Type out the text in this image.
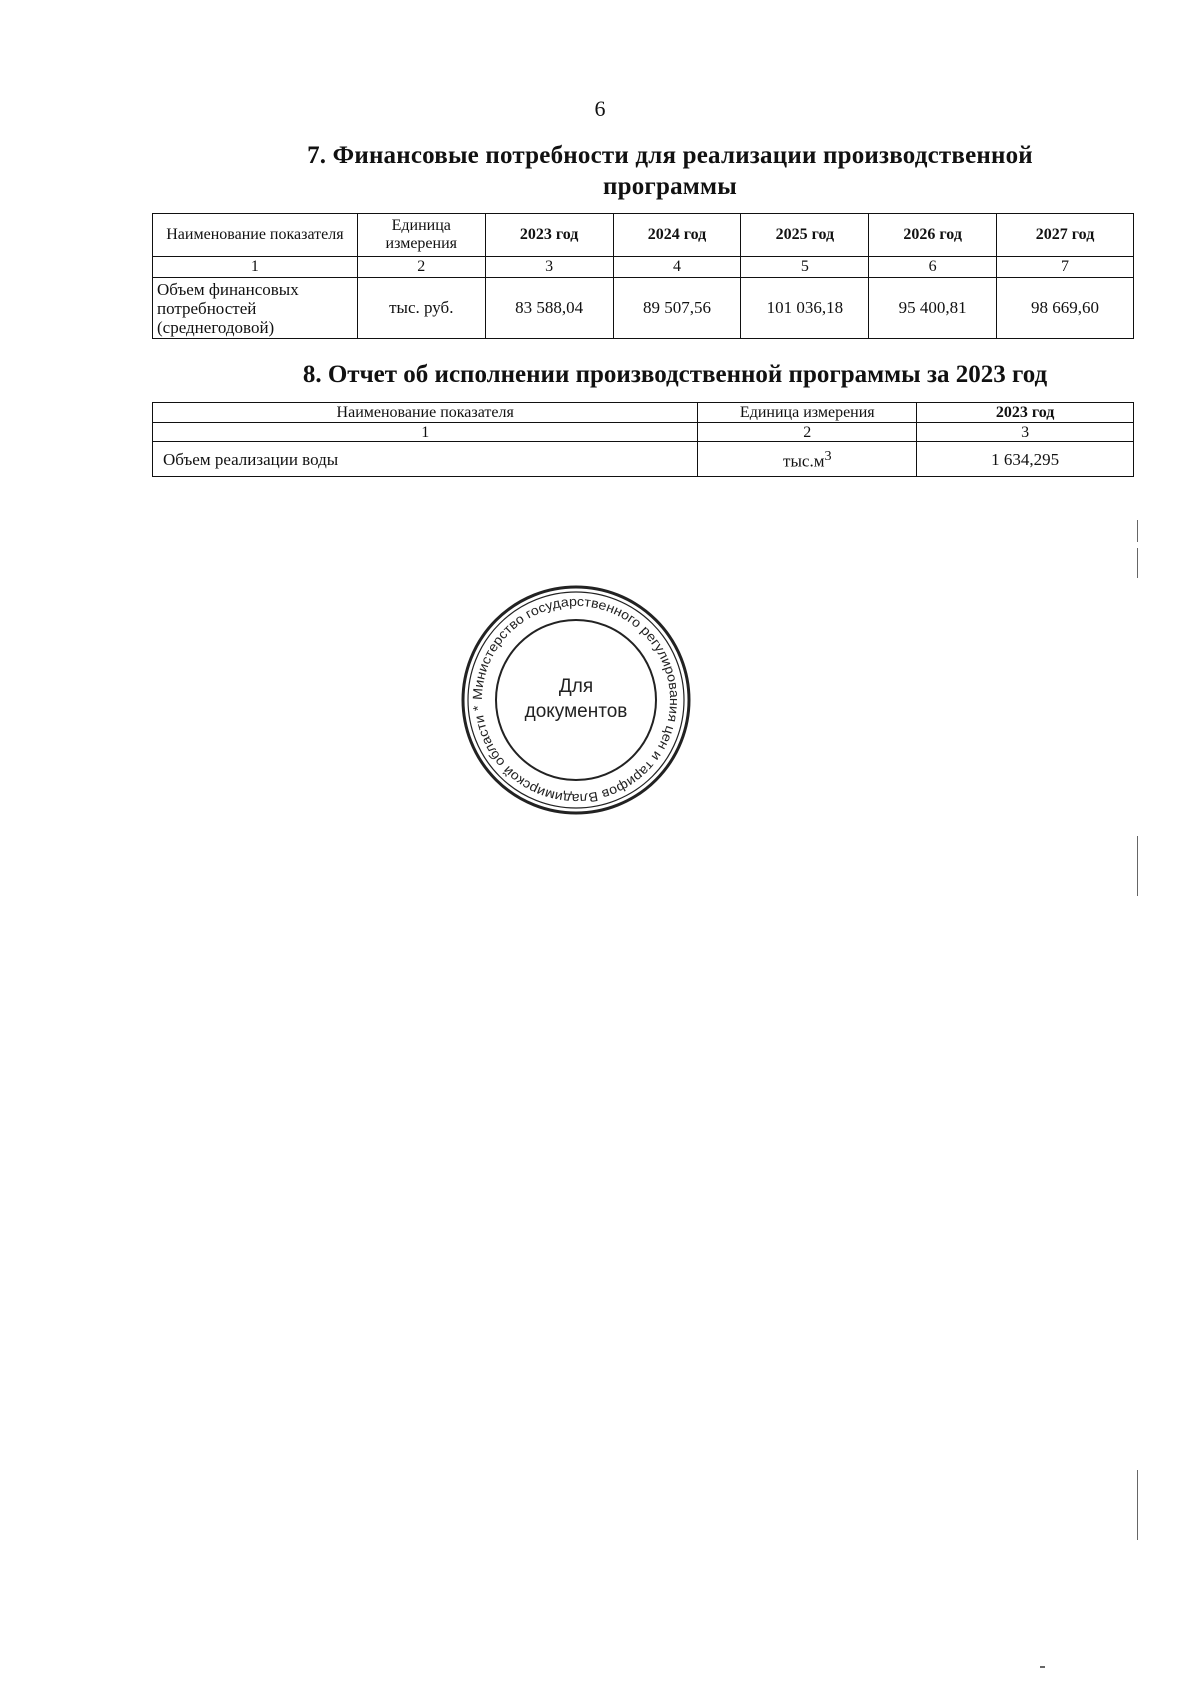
6
7. Финансовые потребности для реализации производственной программы
Наименование показателя	Единица измерения	2023 год	2024 год	2025 год	2026 год	2027 год
1	2	3	4	5	6	7
Объем финансовых потребностей (среднегодовой)	тыс. руб.	83 588,04	89 507,56	101 036,18	95 400,81	98 669,60
8. Отчет об исполнении производственной программы за 2023 год
Наименование показателя	Единица измерения	2023 год
1	2	3
Объем реализации воды	$тыс.м^3$	1 634,295
Министерство государственного регулирования цен и тарифов Владимирской области *
Для
документов
